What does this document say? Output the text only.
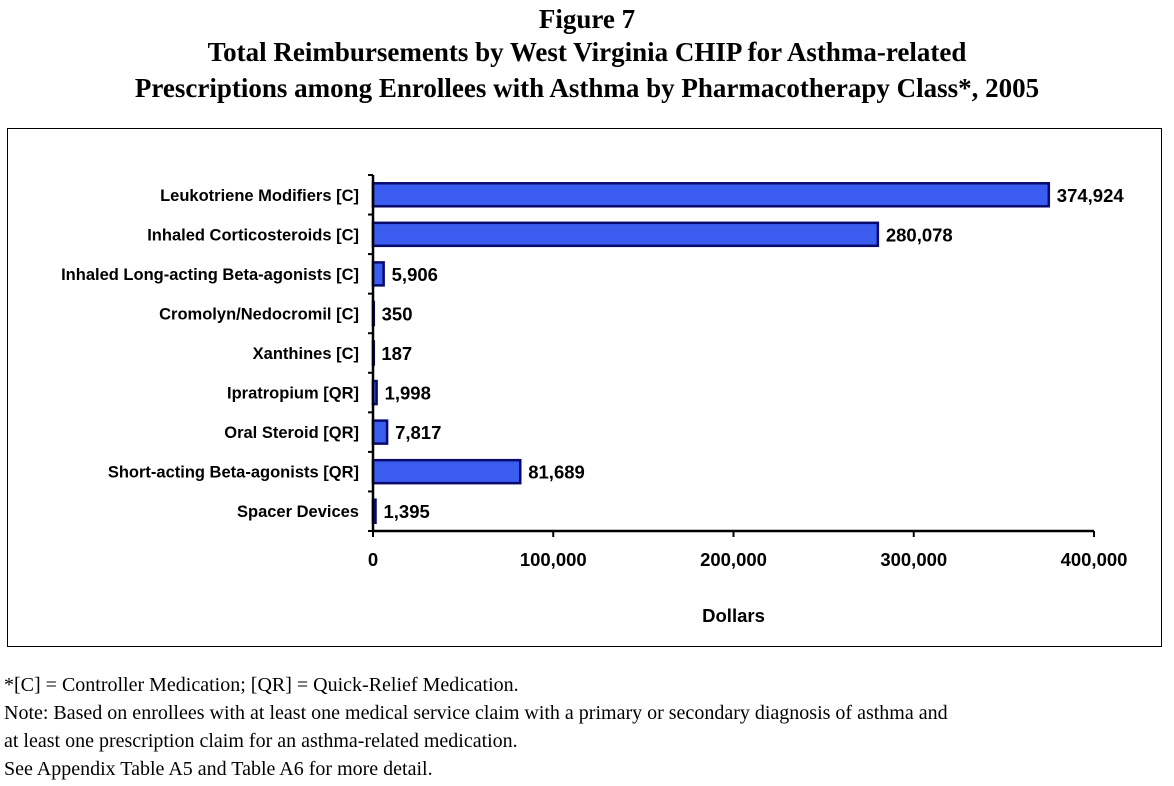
Figure 7
Total Reimbursements by West Virginia CHIP for Asthma-related
Prescriptions among Enrollees with Asthma by Pharmacotherapy Class*, 2005
Leukotriene Modifiers [C]	374,924
Inhaled Corticosteroids [C]	280,078
Inhaled Long-acting Beta-agonists [C] 5,906
Cromolyn/Nedocromil [C] 350
Xanthines [C] 187
Ipratropium [QR] 1,998
Oral Steroid [QR] 7,817
Short-acting Beta-agonists [QR]	81,689
Spacer Devices 1,395
0	100,000	200,000	300,000	400,000
Dollars
*[C] = Controller Medication; [QR] = Quick-Relief Medication.
Note: Based on enrollees with at least one medical service claim with a primary or secondary diagnosis of asthma and
at least one prescription claim for an asthma-related medication.
See Appendix Table A5 and Table A6 for more detail.
